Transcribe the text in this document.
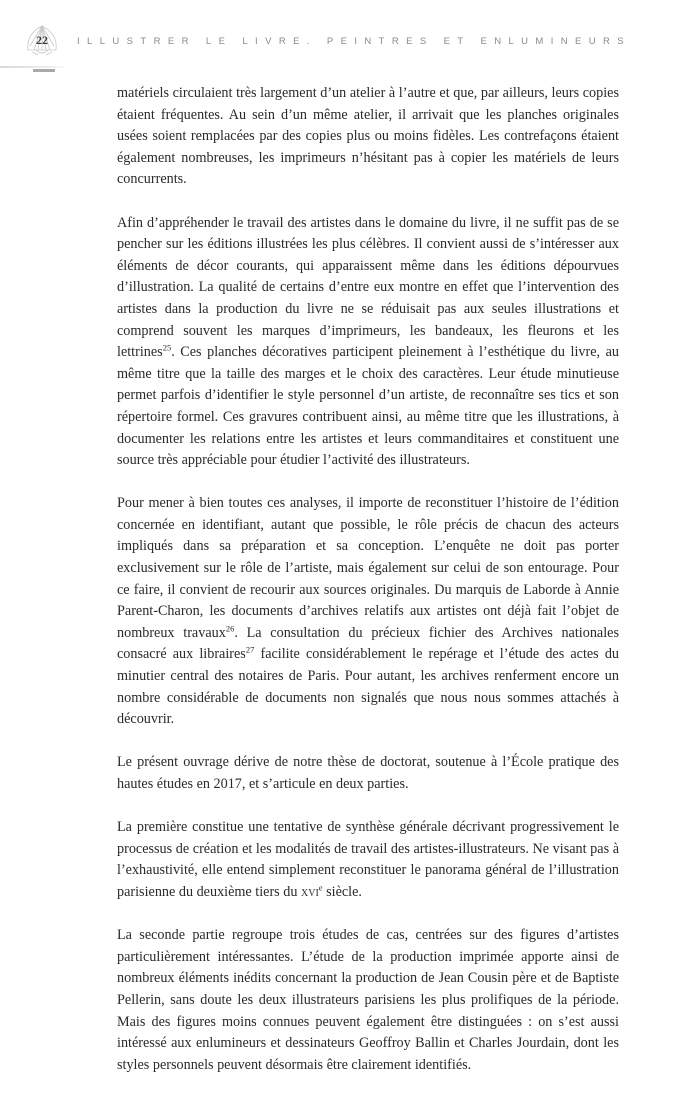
22	ILLUSTRER LE LIVRE. PEINTRES ET ENLUMINEURS

matériels circulaient très largement d’un atelier à l’autre et que, par ailleurs, leurs copies étaient fréquentes. Au sein d’un même atelier, il arrivait que les planches originales usées soient remplacées par des copies plus ou moins fidèles. Les contrefaçons étaient également nombreuses, les imprimeurs n’hésitant pas à copier les matériels de leurs concurrents.

Afin d’appréhender le travail des artistes dans le domaine du livre, il ne suffit pas de se pencher sur les éditions illustrées les plus célèbres. Il convient aussi de s’intéresser aux éléments de décor courants, qui apparaissent même dans les éditions dépourvues d’illustration. La qualité de certains d’entre eux montre en effet que l’intervention des artistes dans la production du livre ne se réduisait pas aux seules illustrations et comprend souvent les marques d’imprimeurs, les bandeaux, les fleurons et les lettrines$^{25}$. Ces planches décoratives participent pleinement à l’esthétique du livre, au même titre que la taille des marges et le choix des caractères. Leur étude minutieuse permet parfois d’identifier le style personnel d’un artiste, de reconnaître ses tics et son répertoire formel. Ces gravures contribuent ainsi, au même titre que les illustrations, à documenter les relations entre les artistes et leurs commanditaires et constituent une source très appréciable pour étudier l’activité des illustrateurs.

Pour mener à bien toutes ces analyses, il importe de reconstituer l’histoire de l’édition concernée en identifiant, autant que possible, le rôle précis de chacun des acteurs impliqués dans sa préparation et sa conception. L’enquête ne doit pas porter exclusivement sur le rôle de l’artiste, mais également sur celui de son entourage. Pour ce faire, il convient de recourir aux sources originales. Du marquis de Laborde à Annie Parent-Charon, les documents d’archives relatifs aux artistes ont déjà fait l’objet de nombreux travaux$^{26}$. La consultation du précieux fichier des Archives nationales consacré aux libraires$^{27}$ facilite considérablement le repérage et l’étude des actes du minutier central des notaires de Paris. Pour autant, les archives renferment encore un nombre considérable de documents non signalés que nous nous sommes attachés à découvrir.

Le présent ouvrage dérive de notre thèse de doctorat, soutenue à l’École pratique des hautes études en 2017, et s’articule en deux parties.

La première constitue une tentative de synthèse générale décrivant progressivement le processus de création et les modalités de travail des artistes-illustrateurs. Ne visant pas à l’exhaustivité, elle entend simplement reconstituer le panorama général de l’illustration parisienne du deuxième tiers du xvi$^e$ siècle.

La seconde partie regroupe trois études de cas, centrées sur des figures d’artistes particulièrement intéressantes. L’étude de la production imprimée apporte ainsi de nombreux éléments inédits concernant la production de Jean Cousin père et de Baptiste Pellerin, sans doute les deux illustrateurs parisiens les plus prolifiques de la période. Mais des figures moins connues peuvent également être distinguées : on s’est aussi intéressé aux enlumineurs et dessinateurs Geoffroy Ballin et Charles Jourdain, dont les styles personnels peuvent désormais être clairement identifiés.
